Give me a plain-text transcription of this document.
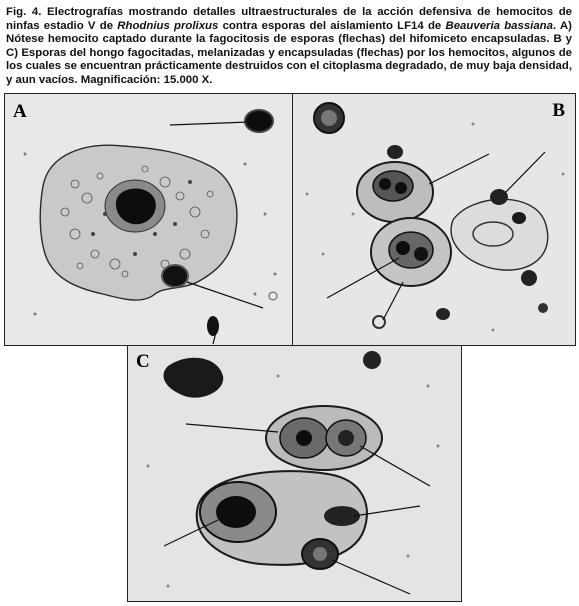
Fig. 4. Electrografías mostrando detalles ultraestructurales de la acción defensiva de hemocitos de ninfas estadio V de Rhodnius prolixus contra esporas del aislamiento LF14 de Beauveria bassiana. A) Nótese hemocito captado durante la fagocitosis de esporas (flechas) del hifomiceto encapsuladas. B y C) Esporas del hongo fagocitadas, melanizadas y encapsuladas (flechas) por los hemocitos, algunos de los cuales se encuentran prácticamente destruidos con el citoplasma degradado, de muy baja densidad, y aun vacíos. Magnificación: 15.000 X.
A	B
C
